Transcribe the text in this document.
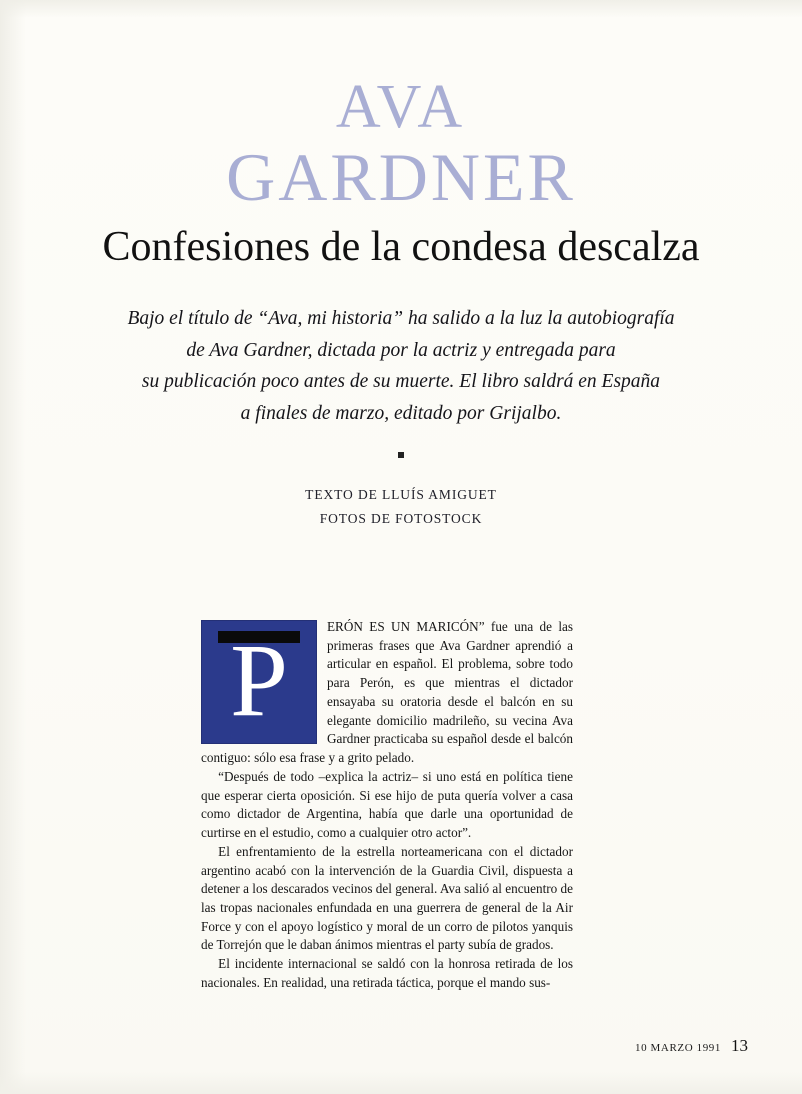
AVA
GARDNER
Confesiones de la condesa descalza
Bajo el título de “Ava, mi historia” ha salido a la luz la autobiografía
de Ava Gardner, dictada por la actriz y entregada para
su publicación poco antes de su muerte. El libro saldrá en España
a finales de marzo, editado por Grijalbo.
TEXTO DE LLUÍS AMIGUET
FOTOS DE FOTOSTOCK
P	ERÓN ES UN MARICÓN” fue una de las primeras frases que Ava Gardner aprendió a articular en español. El problema, sobre todo para Perón, es que mientras el dictador ensayaba su oratoria desde el balcón en su elegante domicilio madrileño, su vecina Ava Gardner practicaba su español desde el balcón contiguo: sólo esa frase y a grito pelado.

“Después de todo –explica la actriz– si uno está en política tiene que esperar cierta oposición. Si ese hijo de puta quería volver a casa como dictador de Argentina, había que darle una oportunidad de curtirse en el estudio, como a cualquier otro actor”.

El enfrentamiento de la estrella norteamericana con el dictador argentino acabó con la intervención de la Guardia Civil, dispuesta a detener a los descarados vecinos del general. Ava salió al encuentro de las tropas nacionales enfundada en una guerrera de general de la Air Force y con el apoyo logístico y moral de un corro de pilotos yanquis de Torrejón que le daban ánimos mientras el party subía de grados.

El incidente internacional se saldó con la honrosa retirada de los nacionales. En realidad, una retirada táctica, porque el mando sus-

10 MARZO 1991 13
